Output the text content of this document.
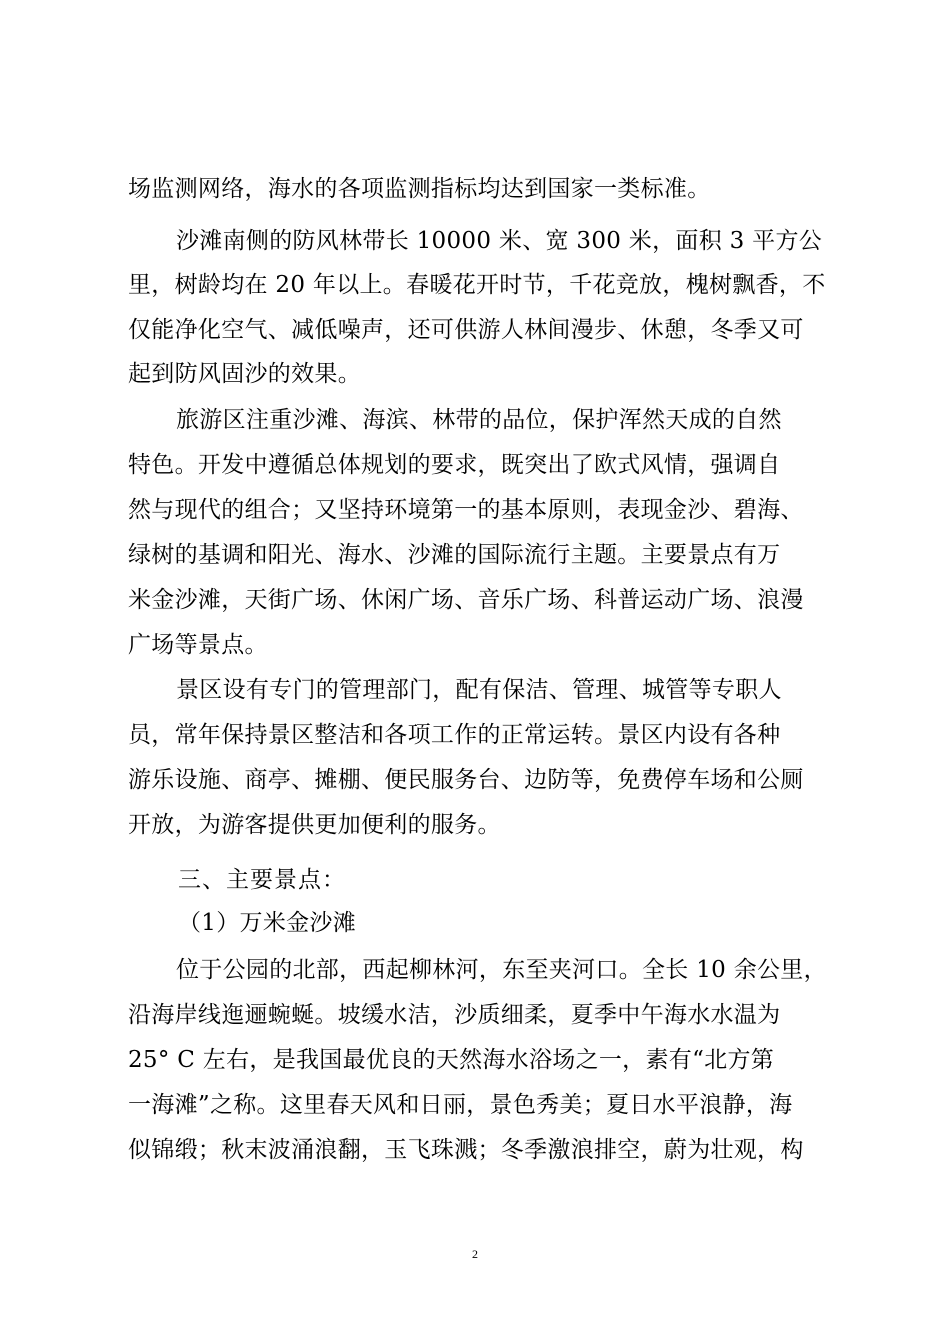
场监测网络，海水的各项监测指标均达到国家一类标准。
沙滩南侧的防风林带长 10000 米、宽 300 米，面积 3 平方公
里，树龄均在 20 年以上。春暖花开时节，千花竞放，槐树飘香，不
仅能净化空气、减低噪声，还可供游人林间漫步、休憩，冬季又可
起到防风固沙的效果。
旅游区注重沙滩、海滨、林带的品位，保护浑然天成的自然
特色。开发中遵循总体规划的要求，既突出了欧式风情，强调自
然与现代的组合；又坚持环境第一的基本原则，表现金沙、碧海、
绿树的基调和阳光、海水、沙滩的国际流行主题。主要景点有万
米金沙滩，天街广场、休闲广场、音乐广场、科普运动广场、浪漫
广场等景点。
景区设有专门的管理部门，配有保洁、管理、城管等专职人
员，常年保持景区整洁和各项工作的正常运转。景区内设有各种
游乐设施、商亭、摊棚、便民服务台、边防等，免费停车场和公厕
开放，为游客提供更加便利的服务。
三、主要景点：
（1）万米金沙滩
位于公园的北部，西起柳林河，东至夹河口。全长 10 余公里，
沿海岸线迤逦蜿蜒。坡缓水洁，沙质细柔，夏季中午海水水温为
25° C 左右，是我国最优良的天然海水浴场之一，素有“北方第
一海滩”之称。这里春天风和日丽，景色秀美；夏日水平浪静，海
似锦缎；秋末波涌浪翻，玉飞珠溅；冬季激浪排空，蔚为壮观，构
2
